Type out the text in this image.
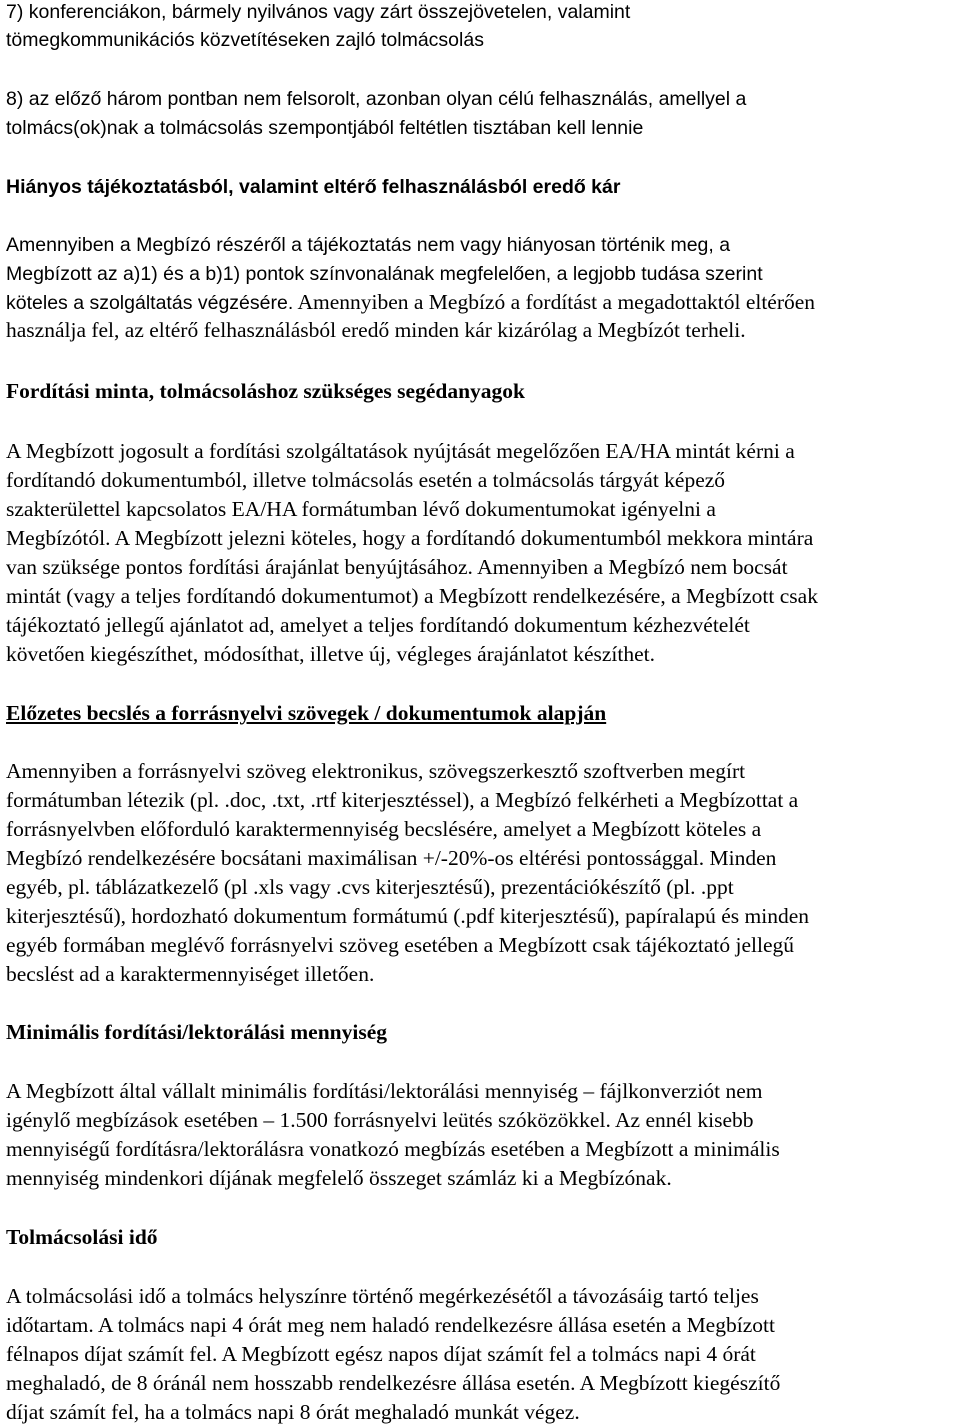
7) konferenciákon, bármely nyilvános vagy zárt összejövetelen, valamint
tömegkommunikációs közvetítéseken zajló tolmácsolás
8) az előző három pontban nem felsorolt, azonban olyan célú felhasználás, amellyel a
tolmács(ok)nak a tolmácsolás szempontjából feltétlen tisztában kell lennie
Hiányos tájékoztatásból, valamint eltérő felhasználásból eredő kár
Amennyiben a Megbízó részéről a tájékoztatás nem vagy hiányosan történik meg, a
Megbízott az a)1) és a b)1) pontok színvonalának megfelelően, a legjobb tudása szerint
köteles a szolgáltatás végzésére. Amennyiben a Megbízó a fordítást a megadottaktól eltérően
használja fel, az eltérő felhasználásból eredő minden kár kizárólag a Megbízót terheli.
Fordítási minta, tolmácsoláshoz szükséges segédanyagok
A Megbízott jogosult a fordítási szolgáltatások nyújtását megelőzően EA/HA mintát kérni a
fordítandó dokumentumból, illetve tolmácsolás esetén a tolmácsolás tárgyát képező
szakterülettel kapcsolatos EA/HA formátumban lévő dokumentumokat igényelni a
Megbízótól. A Megbízott jelezni köteles, hogy a fordítandó dokumentumból mekkora mintára
van szüksége pontos fordítási árajánlat benyújtásához. Amennyiben a Megbízó nem bocsát
mintát (vagy a teljes fordítandó dokumentumot) a Megbízott rendelkezésére, a Megbízott csak
tájékoztató jellegű ajánlatot ad, amelyet a teljes fordítandó dokumentum kézhezvételét
követően kiegészíthet, módosíthat, illetve új, végleges árajánlatot készíthet.
Előzetes becslés a forrásnyelvi szövegek / dokumentumok alapján
Amennyiben a forrásnyelvi szöveg elektronikus, szövegszerkesztő szoftverben megírt
formátumban létezik (pl. .doc, .txt, .rtf kiterjesztéssel), a Megbízó felkérheti a Megbízottat a
forrásnyelvben előforduló karaktermennyiség becslésére, amelyet a Megbízott köteles a
Megbízó rendelkezésére bocsátani maximálisan +/-20%-os eltérési pontossággal. Minden
egyéb, pl. táblázatkezelő (pl .xls vagy .cvs kiterjesztésű), prezentációkészítő (pl. .ppt
kiterjesztésű), hordozható dokumentum formátumú (.pdf kiterjesztésű), papíralapú és minden
egyéb formában meglévő forrásnyelvi szöveg esetében a Megbízott csak tájékoztató jellegű
becslést ad a karaktermennyiséget illetően.
Minimális fordítási/lektorálási mennyiség
A Megbízott által vállalt minimális fordítási/lektorálási mennyiség – fájlkonverziót nem
igénylő megbízások esetében – 1.500 forrásnyelvi leütés szóközökkel. Az ennél kisebb
mennyiségű fordításra/lektorálásra vonatkozó megbízás esetében a Megbízott a minimális
mennyiség mindenkori díjának megfelelő összeget számláz ki a Megbízónak.
Tolmácsolási idő
A tolmácsolási idő a tolmács helyszínre történő megérkezésétől a távozásáig tartó teljes
időtartam. A tolmács napi 4 órát meg nem haladó rendelkezésre állása esetén a Megbízott
félnapos díjat számít fel. A Megbízott egész napos díjat számít fel a tolmács napi 4 órát
meghaladó, de 8 óránál nem hosszabb rendelkezésre állása esetén. A Megbízott kiegészítő
díjat számít fel, ha a tolmács napi 8 órát meghaladó munkát végez.
